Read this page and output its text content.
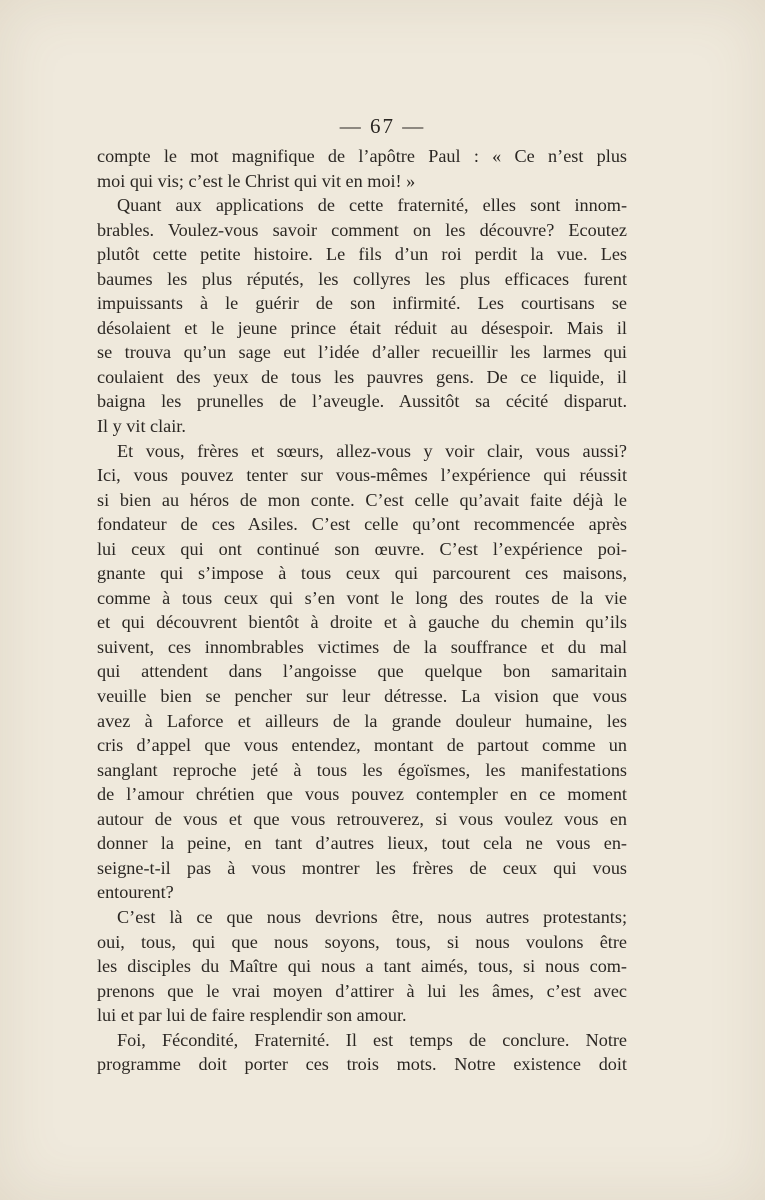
— 67 —
compte le mot magnifique de l’apôtre Paul : « Ce n’est plus
moi qui vis; c’est le Christ qui vit en moi! »
Quant aux applications de cette fraternité, elles sont innom-
brables. Voulez-vous savoir comment on les découvre? Ecoutez
plutôt cette petite histoire. Le fils d’un roi perdit la vue. Les
baumes les plus réputés, les collyres les plus efficaces furent
impuissants à le guérir de son infirmité. Les courtisans se
désolaient et le jeune prince était réduit au désespoir. Mais il
se trouva qu’un sage eut l’idée d’aller recueillir les larmes qui
coulaient des yeux de tous les pauvres gens. De ce liquide, il
baigna les prunelles de l’aveugle. Aussitôt sa cécité disparut.
Il y vit clair.
Et vous, frères et sœurs, allez-vous y voir clair, vous aussi?
Ici, vous pouvez tenter sur vous-mêmes l’expérience qui réussit
si bien au héros de mon conte. C’est celle qu’avait faite déjà le
fondateur de ces Asiles. C’est celle qu’ont recommencée après
lui ceux qui ont continué son œuvre. C’est l’expérience poi-
gnante qui s’impose à tous ceux qui parcourent ces maisons,
comme à tous ceux qui s’en vont le long des routes de la vie
et qui découvrent bientôt à droite et à gauche du chemin qu’ils
suivent, ces innombrables victimes de la souffrance et du mal
qui attendent dans l’angoisse que quelque bon samaritain
veuille bien se pencher sur leur détresse. La vision que vous
avez à Laforce et ailleurs de la grande douleur humaine, les
cris d’appel que vous entendez, montant de partout comme un
sanglant reproche jeté à tous les égoïsmes, les manifestations
de l’amour chrétien que vous pouvez contempler en ce moment
autour de vous et que vous retrouverez, si vous voulez vous en
donner la peine, en tant d’autres lieux, tout cela ne vous en-
seigne-t-il pas à vous montrer les frères de ceux qui vous
entourent?
C’est là ce que nous devrions être, nous autres protestants;
oui, tous, qui que nous soyons, tous, si nous voulons être
les disciples du Maître qui nous a tant aimés, tous, si nous com-
prenons que le vrai moyen d’attirer à lui les âmes, c’est avec
lui et par lui de faire resplendir son amour.
Foi, Fécondité, Fraternité. Il est temps de conclure. Notre
programme doit porter ces trois mots. Notre existence doit
